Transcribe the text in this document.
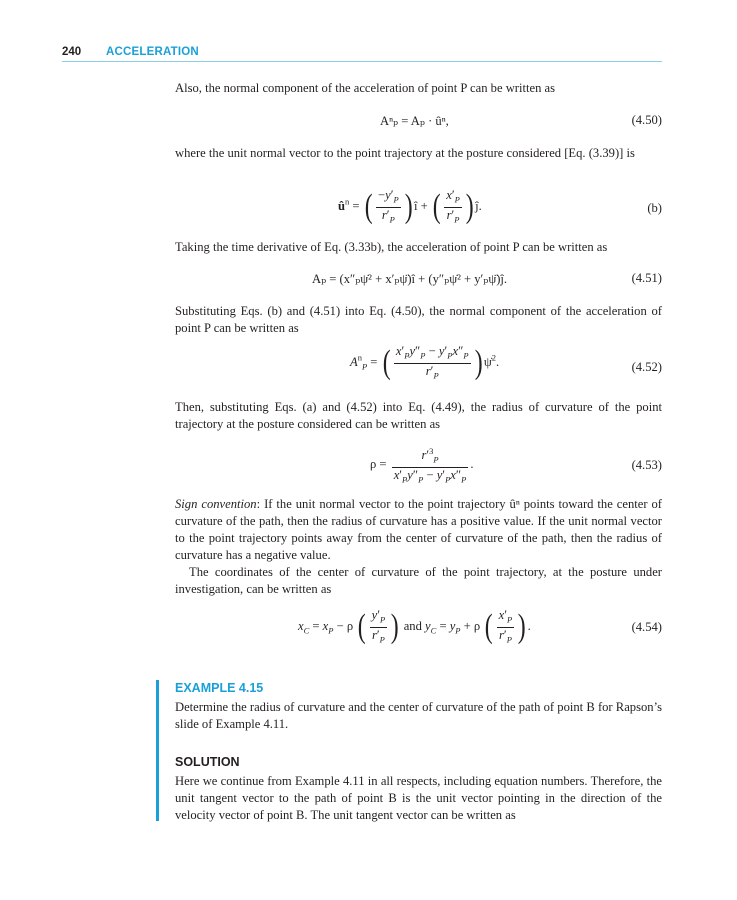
240 ACCELERATION

Also, the normal component of the acceleration of point P can be written as

Aⁿₚ = Aₚ · ûⁿ,	(4.50)

where the unit normal vector to the point trajectory at the posture considered [Eq. (3.39)] is

$û^n$ = ( $\frac{-y'_P}{r'_P}$ ) î + ( $\frac{x'_P}{r'_P}$ ) ĵ.	(b)

Taking the time derivative of Eq. (3.33b), the acceleration of point P can be written as

Aₚ = (x″ₚψ̇² + x′ₚψ̈)î + (y″ₚψ̇² + y′ₚψ̈)ĵ.	(4.51)

Substituting Eqs. (b) and (4.51) into Eq. (4.50), the normal component of the acceleration of point P can be written as

$A^n_P$ = ( $\frac{x'_Py''_P - y'_Px''_P}{r'_P}$ ) ψ̇$^2$.	(4.52)

Then, substituting Eqs. (a) and (4.52) into Eq. (4.49), the radius of curvature of the point trajectory at the posture considered can be written as

$\rho = \frac{r'^3_P}{x'_Py''_P - y'_Px''_P}$ .	(4.53)

Sign convention: If the unit normal vector to the point trajectory ûⁿ points toward the center of curvature of the path, then the radius of curvature has a positive value. If the unit normal vector to the point trajectory points away from the center of curvature of the path, then the radius of curvature has a negative value.

The coordinates of the center of curvature of the point trajectory, at the posture under investigation, can be written as

$x_C = x_P - \rho$ ( $\frac{y'_P}{r'_P}$ ) and $y_C = y_P + \rho$ ( $\frac{x'_P}{r'_P}$ ) .	(4.54)
EXAMPLE 4.15

Determine the radius of curvature and the center of curvature of the path of point B for Rapson’s slide of Example 4.11.

SOLUTION

Here we continue from Example 4.11 in all respects, including equation numbers. Therefore, the unit tangent vector to the path of point B is the unit vector pointing in the direction of the velocity vector of point B. The unit tangent vector can be written as
